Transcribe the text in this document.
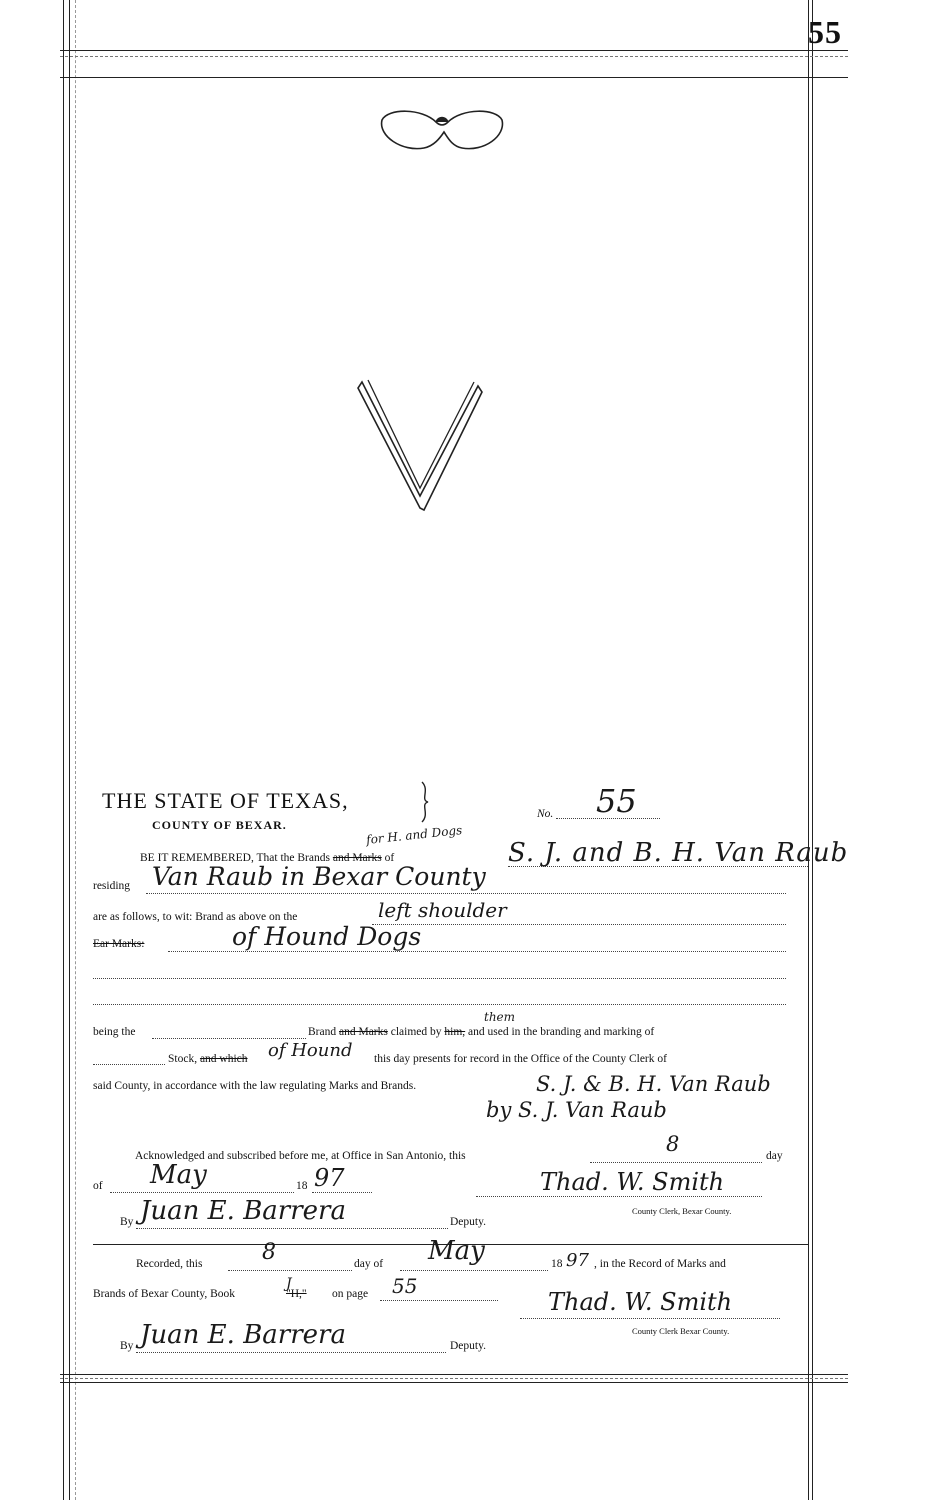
55
THE STATE OF TEXAS,
COUNTY OF BEXAR.
No. 55
for H. and Dogs
BE IT REMEMBERED, That the Brands and Marks of	S. J. and B. H. Van Raub
residing Van Raub in Bexar County
are as follows, to wit: Brand as above on the	left shoulder
Ear Marks:	of Hound Dogs
them
being the	Brand and Marks claimed by him, and used in the branding and marking of
Stock, and which of Hound this day presents for record in the Office of the County Clerk of
said County, in accordance with the law regulating Marks and Brands.	S. J. & B. H. Van Raub
by S. J. Van Raub
Acknowledged and subscribed before me, at Office in San Antonio, this	8	day
of May	18 97	Thad. W. Smith
County Clerk, Bexar County.
By Juan E. Barrera	Deputy.
Recorded, this	8	day of May	18 97 , in the Record of Marks and
Brands of Bexar County, Book
J
"H," on page 55
Thad. W. Smith
County Clerk Bexar County.
By Juan E. Barrera	Deputy.
